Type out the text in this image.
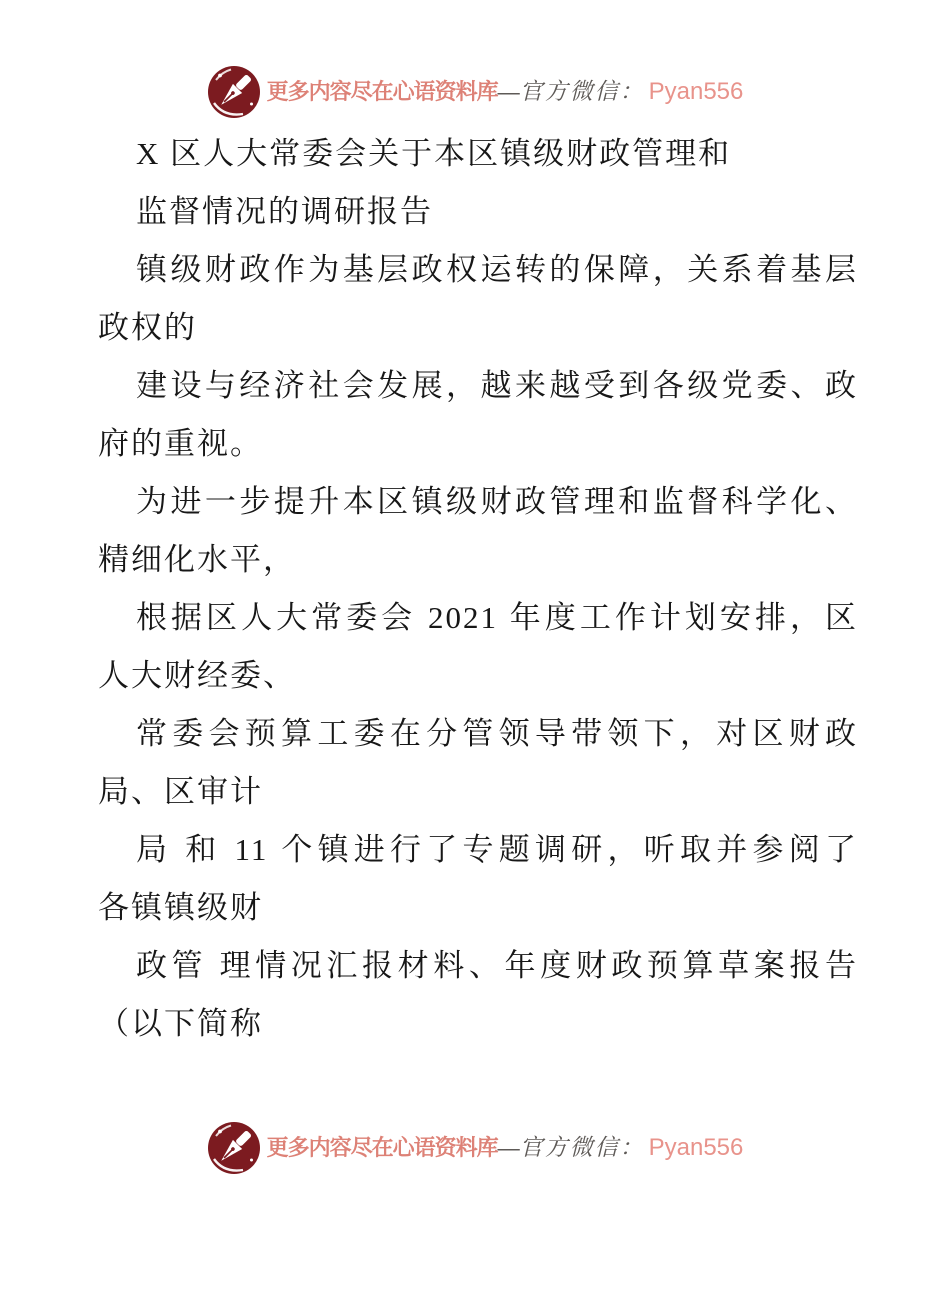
更多内容尽在心语资料库—官方微信： Pyan556
X 区人大常委会关于本区镇级财政管理和
监督情况的调研报告
镇级财政作为基层政权运转的保障，关系着基层
政权的
建设与经济社会发展，越来越受到各级党委、政
府的重视。
为进一步提升本区镇级财政管理和监督科学化、
精细化水平，
根据区人大常委会 2021 年度工作计划安排，区
人大财经委、
常委会预算工委在分管领导带领下，对区财政
局、区审计
局 和 11 个镇进行了专题调研，听取并参阅了
各镇镇级财
政管 理情况汇报材料、年度财政预算草案报告
（以下简称
更多内容尽在心语资料库—官方微信： Pyan556
